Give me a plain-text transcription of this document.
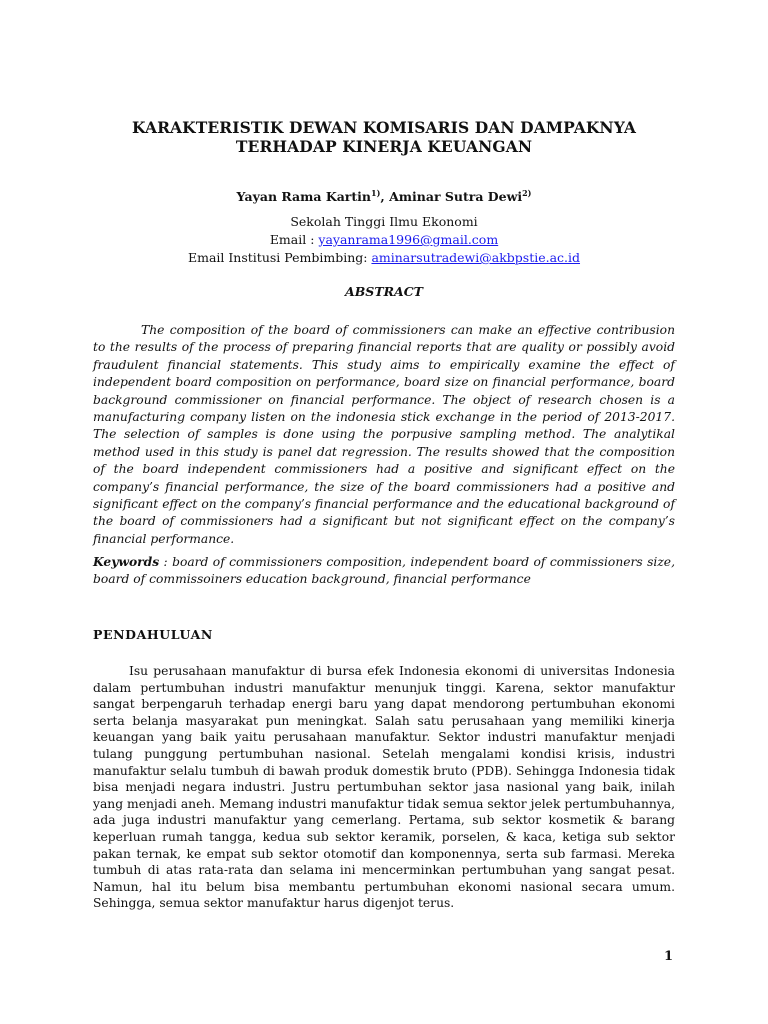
KARAKTERISTIK DEWAN KOMISARIS DAN DAMPAKNYA
TERHADAP KINERJA KEUANGAN
Yayan Rama Kartin$^{1)}$, Aminar Sutra Dewi$^{2)}$
Sekolah Tinggi Ilmu Ekonomi
Email : yayanrama1996@gmail.com
Email Institusi Pembimbing: aminarsutradewi@akbpstie.ac.id
ABSTRACT
The composition of the board of commissioners can make an effective contribusion to the results of the process of preparing financial reports that are quality or possibly avoid fraudulent financial statements. This study aims to empirically examine the effect of independent board composition on performance, board size on financial performance, board background commissioner on financial performance. The object of research chosen is a manufacturing company listen on the indonesia stick exchange in the period of 2013-2017. The selection of samples is done using the porpusive sampling method. The analytikal method used in this study is panel dat regression. The results showed that the composition of the board independent commissioners had a positive and significant effect on the company’s financial performance, the size of the board commissioners had a positive and significant effect on the company’s financial performance and the educational background of the board of commissioners had a significant but not significant effect on the company’s financial performance.
Keywords : board of commissioners composition, independent board of commissioners size, board of commissoiners education background, financial performance
PENDAHULUAN
Isu perusahaan manufaktur di bursa efek Indonesia ekonomi di universitas Indonesia dalam pertumbuhan industri manufaktur menunjuk tinggi. Karena, sektor manufaktur sangat berpengaruh terhadap energi baru yang dapat mendorong pertumbuhan ekonomi serta belanja masyarakat pun meningkat. Salah satu perusahaan yang memiliki kinerja keuangan yang baik yaitu perusahaan manufaktur. Sektor industri manufaktur menjadi tulang punggung pertumbuhan nasional. Setelah mengalami kondisi krisis, industri manufaktur selalu tumbuh di bawah produk domestik bruto (PDB). Sehingga Indonesia tidak bisa menjadi negara industri. Justru pertumbuhan sektor jasa nasional yang baik, inilah yang menjadi aneh. Memang industri manufaktur tidak semua sektor jelek pertumbuhannya, ada juga industri manufaktur yang cemerlang. Pertama, sub sektor kosmetik & barang keperluan rumah tangga, kedua sub sektor keramik, porselen, & kaca, ketiga sub sektor pakan ternak, ke empat sub sektor otomotif dan komponennya, serta sub farmasi. Mereka tumbuh di atas rata-rata dan selama ini mencerminkan pertumbuhan yang sangat pesat. Namun, hal itu belum bisa membantu pertumbuhan ekonomi nasional secara umum. Sehingga, semua sektor manufaktur harus digenjot terus.
1
